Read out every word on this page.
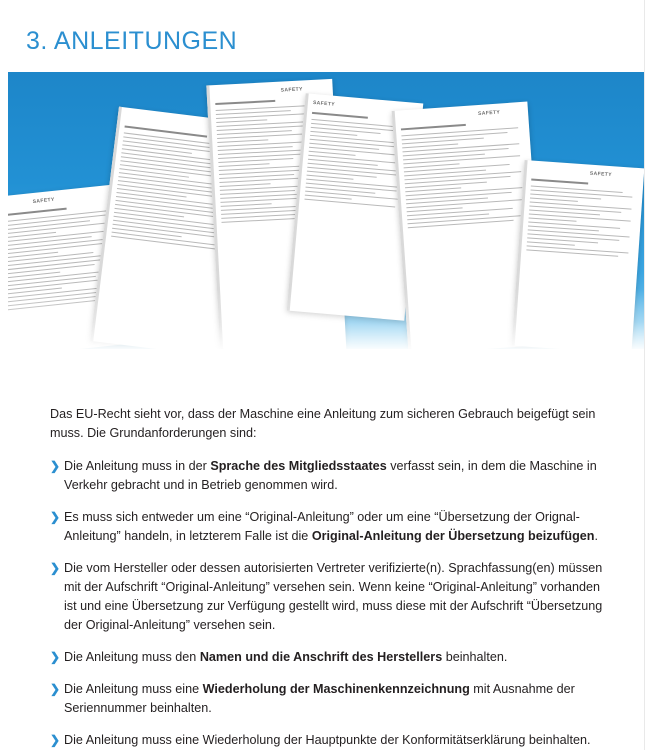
3. ANLEITUNGEN
SAFETY
SAFETY
SAFETY
SAFETY
SAFETY

Das EU-Recht sieht vor, dass der Maschine eine Anleitung zum sicheren Gebrauch beigefügt sein muss. Die Grundanforderungen sind:

❯ Die Anleitung muss in der Sprache des Mitgliedsstaates verfasst sein, in dem die Maschine in Verkehr gebracht und in Betrieb genommen wird.
❯ Es muss sich entweder um eine “Original-Anleitung” oder um eine “Übersetzung der Orignal-Anleitung” handeln, in letzterem Falle ist die Original-Anleitung der Übersetzung beizufügen.
❯ Die vom Hersteller oder dessen autorisierten Vertreter verifizierte(n). Sprachfassung(en) müssen mit der Aufschrift “Original-Anleitung” versehen sein. Wenn keine “Original-Anleitung” vorhanden ist und eine Übersetzung zur Verfügung gestellt wird, muss diese mit der Aufschrift “Übersetzung der Original-Anleitung” versehen sein.
❯ Die Anleitung muss den Namen und die Anschrift des Herstellers beinhalten.
❯ Die Anleitung muss eine Wiederholung der Maschinenkennzeichnung mit Ausnahme der Seriennummer beinhalten.
❯ Die Anleitung muss eine Wiederholung der Hauptpunkte der Konformitätserklärung beinhalten.
